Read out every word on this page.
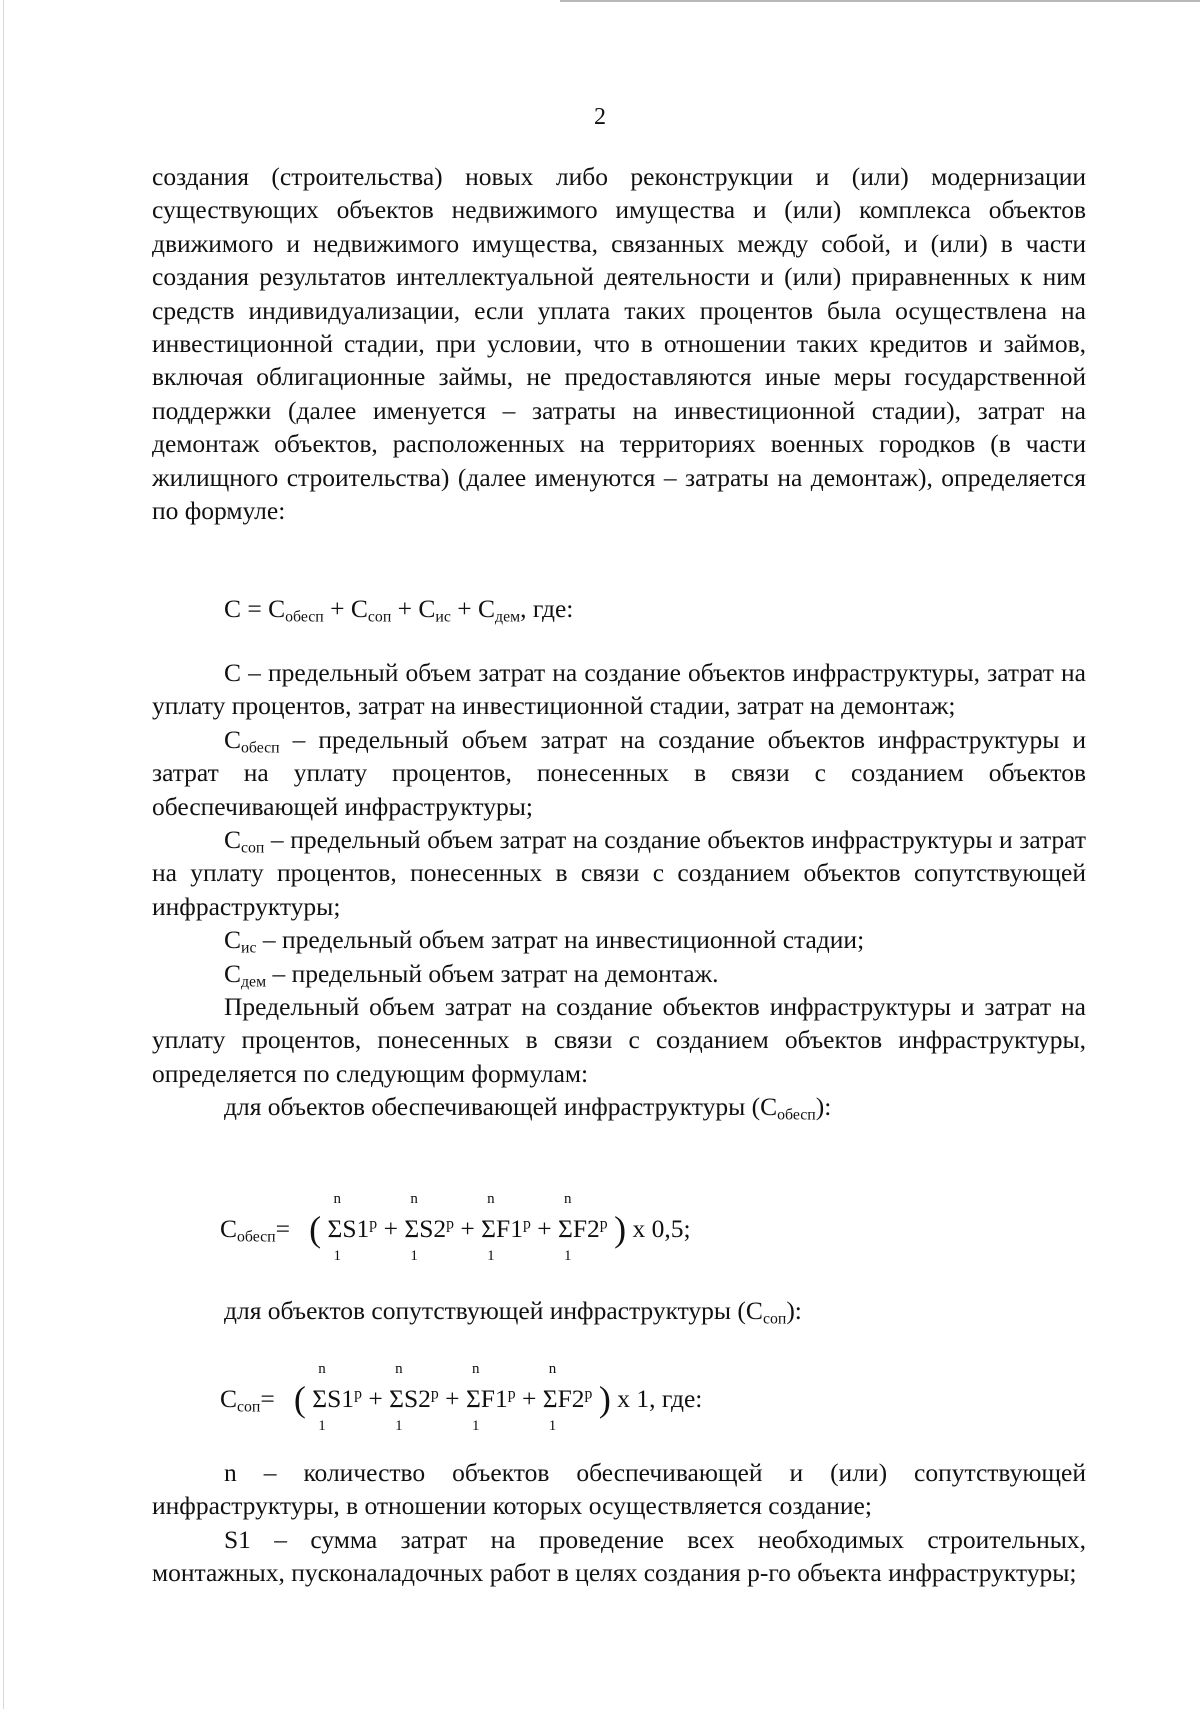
2

создания (строительства) новых либо реконструкции и (или) модернизации существующих объектов недвижимого имущества и (или) комплекса объектов движимого и недвижимого имущества, связанных между собой, и (или) в части создания результатов интеллектуальной деятельности и (или) приравненных к ним средств индивидуализации, если уплата таких процентов была осуществлена на инвестиционной стадии, при условии, что в отношении таких кредитов и займов, включая облигационные займы, не предоставляются иные меры государственной поддержки (далее именуется – затраты на инвестиционной стадии), затрат на демонтаж объектов, расположенных на территориях военных городков (в части жилищного строительства) (далее именуются – затраты на демонтаж), определяется по формуле:

$C = C_{обесп} + C_{соп} + C_{ис} + C_{дем}$, где:

C – предельный объем затрат на создание объектов инфраструктуры, затрат на уплату процентов, затрат на инвестиционной стадии, затрат на демонтаж;

$C_{обесп}$ – предельный объем затрат на создание объектов инфраструктуры и затрат на уплату процентов, понесенных в связи с созданием объектов обеспечивающей инфраструктуры;

$C_{соп}$ – предельный объем затрат на создание объектов инфраструктуры и затрат на уплату процентов, понесенных в связи с созданием объектов сопутствующей инфраструктуры;

$C_{ис}$ – предельный объем затрат на инвестиционной стадии;

$C_{дем}$ – предельный объем затрат на демонтаж.

Предельный объем затрат на создание объектов инфраструктуры и затрат на уплату процентов, понесенных в связи с созданием объектов инфраструктуры, определяется по следующим формулам:

для объектов обеспечивающей инфраструктуры $(C_{обесп})$:

$C_{обесп}=$ (
n
Σ
1
$S1^p$ +
n
Σ
1
$S2^p$ +
n
Σ
1
$F1^p$ +
n
Σ
1
F2$^p$ ) x 0,5;

для объектов сопутствующей инфраструктуры $(C_{соп})$:

$C_{соп}=$ (
n
Σ
1
$S1^p$ +
n
Σ
1
$S2^p$ +
n
Σ
1
$F1^p$ +
n
Σ
1
F2$^p$ ) x 1, где:

n – количество объектов обеспечивающей и (или) сопутствующей инфраструктуры, в отношении которых осуществляется создание;

S1 – сумма затрат на проведение всех необходимых строительных, монтажных, пусконаладочных работ в целях создания р-го объекта инфраструктуры;
